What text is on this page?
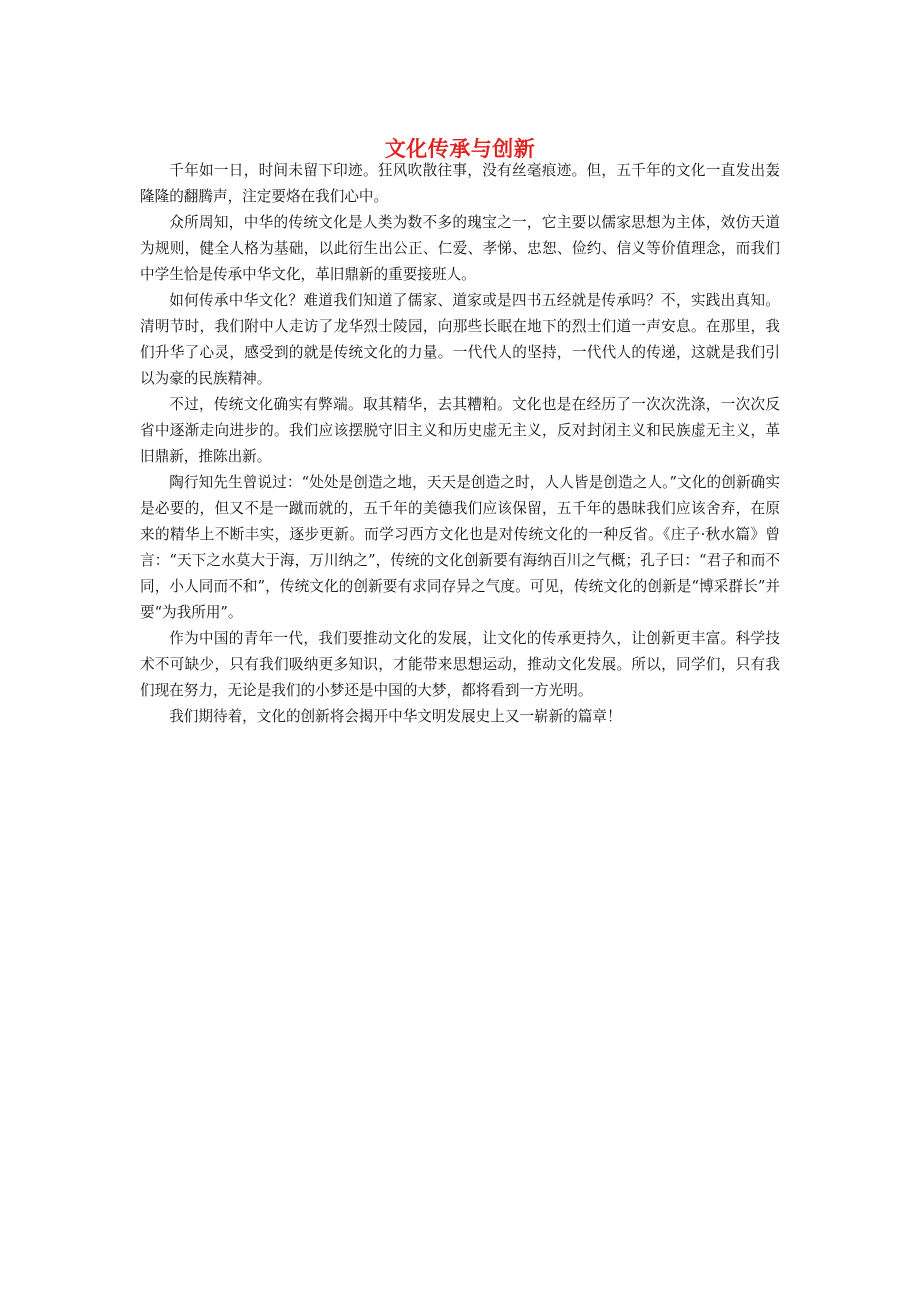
文化传承与创新

千年如一日，时间未留下印迹。狂风吹散往事，没有丝毫痕迹。但，五千年的文化一直发出轰隆隆的翻腾声，注定要烙在我们心中。

众所周知，中华的传统文化是人类为数不多的瑰宝之一，它主要以儒家思想为主体，效仿天道为规则，健全人格为基础，以此衍生出公正、仁爱、孝悌、忠恕、俭约、信义等价值理念，而我们中学生恰是传承中华文化，革旧鼎新的重要接班人。

如何传承中华文化？难道我们知道了儒家、道家或是四书五经就是传承吗？不，实践出真知。清明节时，我们附中人走访了龙华烈士陵园，向那些长眠在地下的烈士们道一声安息。在那里，我们升华了心灵，感受到的就是传统文化的力量。一代代人的坚持，一代代人的传递，这就是我们引以为豪的民族精神。

不过，传统文化确实有弊端。取其精华，去其糟粕。文化也是在经历了一次次洗涤，一次次反省中逐渐走向进步的。我们应该摆脱守旧主义和历史虚无主义，反对封闭主义和民族虚无主义，革旧鼎新，推陈出新。

陶行知先生曾说过：“处处是创造之地，天天是创造之时，人人皆是创造之人。”文化的创新确实是必要的，但又不是一蹴而就的，五千年的美德我们应该保留，五千年的愚昧我们应该舍弃，在原来的精华上不断丰实，逐步更新。而学习西方文化也是对传统文化的一种反省。《庄子·秋水篇》曾言：“天下之水莫大于海，万川纳之”，传统的文化创新要有海纳百川之气概；孔子曰：“君子和而不同，小人同而不和”，传统文化的创新要有求同存异之气度。可见，传统文化的创新是“博采群长”并要“为我所用”。

作为中国的青年一代，我们要推动文化的发展，让文化的传承更持久，让创新更丰富。科学技术不可缺少，只有我们吸纳更多知识，才能带来思想运动，推动文化发展。所以，同学们，只有我们现在努力，无论是我们的小梦还是中国的大梦，都将看到一方光明。

我们期待着，文化的创新将会揭开中华文明发展史上又一崭新的篇章！
